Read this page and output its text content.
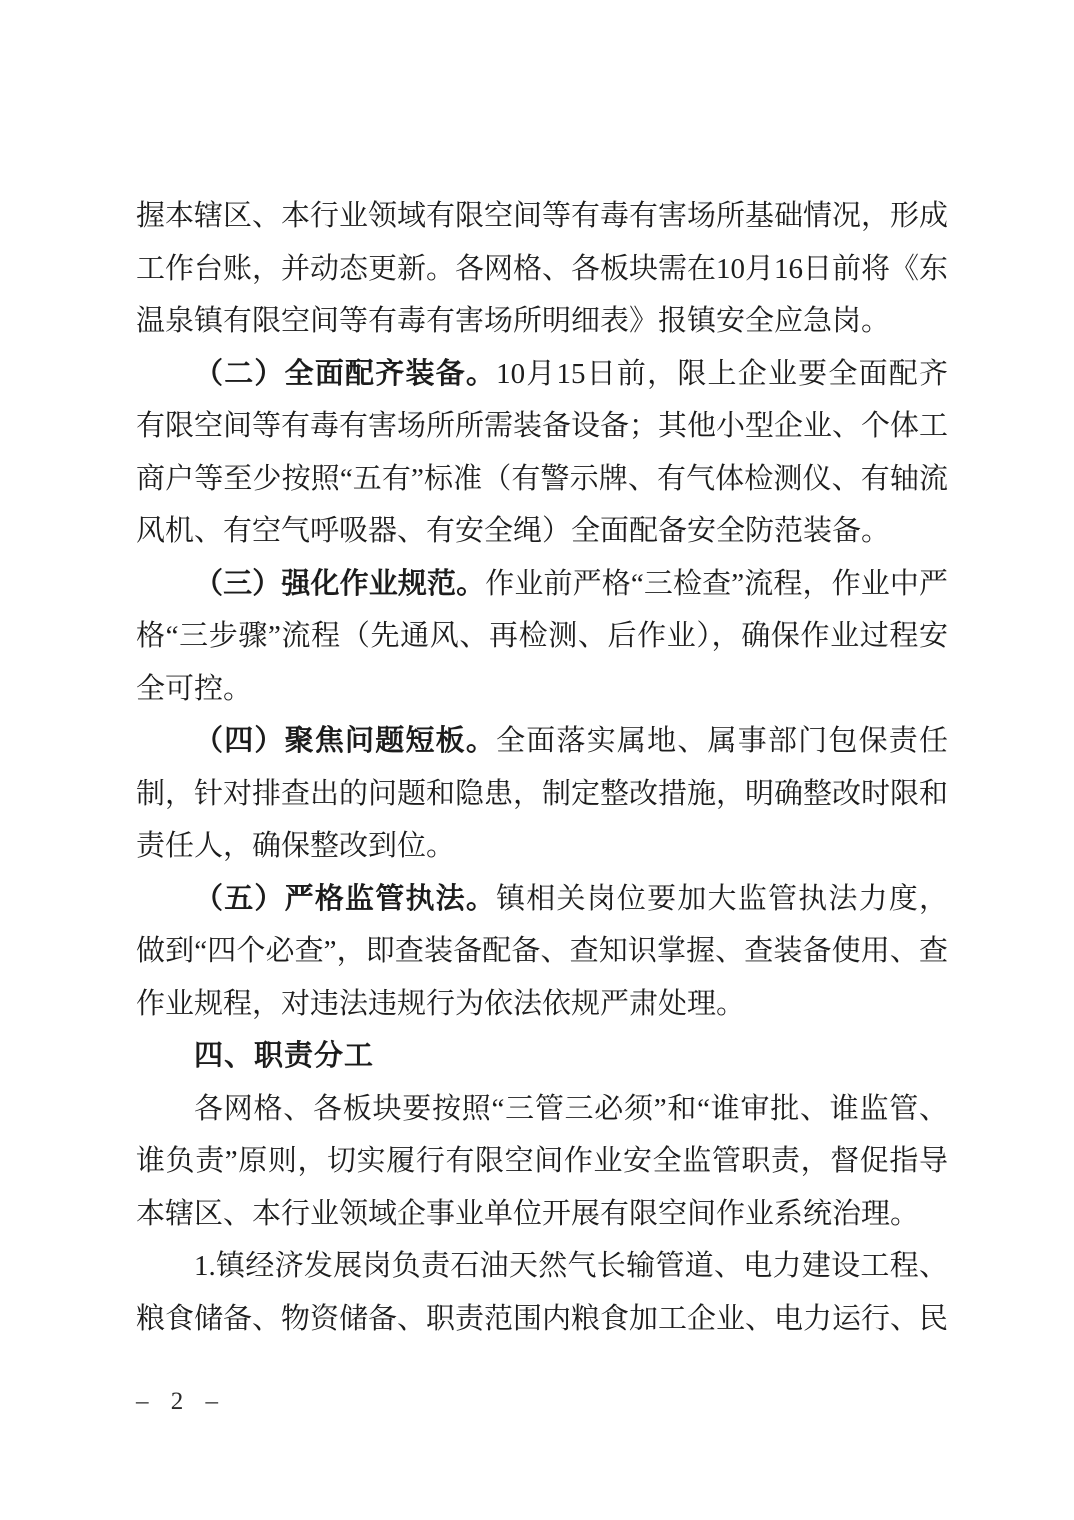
握本辖区、本行业领域有限空间等有毒有害场所基础情况，形成工作台账，并动态更新。各网格、各板块需在10月16日前将《东温泉镇有限空间等有毒有害场所明细表》报镇安全应急岗。

（二）全面配齐装备。10月15日前，限上企业要全面配齐有限空间等有毒有害场所所需装备设备；其他小型企业、个体工商户等至少按照“五有”标准（有警示牌、有气体检测仪、有轴流风机、有空气呼吸器、有安全绳）全面配备安全防范装备。

（三）强化作业规范。作业前严格“三检查”流程，作业中严格“三步骤”流程（先通风、再检测、后作业），确保作业过程安全可控。

（四）聚焦问题短板。全面落实属地、属事部门包保责任制，针对排查出的问题和隐患，制定整改措施，明确整改时限和责任人，确保整改到位。

（五）严格监管执法。镇相关岗位要加大监管执法力度，做到“四个必查”，即查装备配备、查知识掌握、查装备使用、查作业规程，对违法违规行为依法依规严肃处理。

四、职责分工

各网格、各板块要按照“三管三必须”和“谁审批、谁监管、谁负责”原则，切实履行有限空间作业安全监管职责，督促指导本辖区、本行业领域企事业单位开展有限空间作业系统治理。

1.镇经济发展岗负责石油天然气长输管道、电力建设工程、粮食储备、物资储备、职责范围内粮食加工企业、电力运行、民

– 2 –
